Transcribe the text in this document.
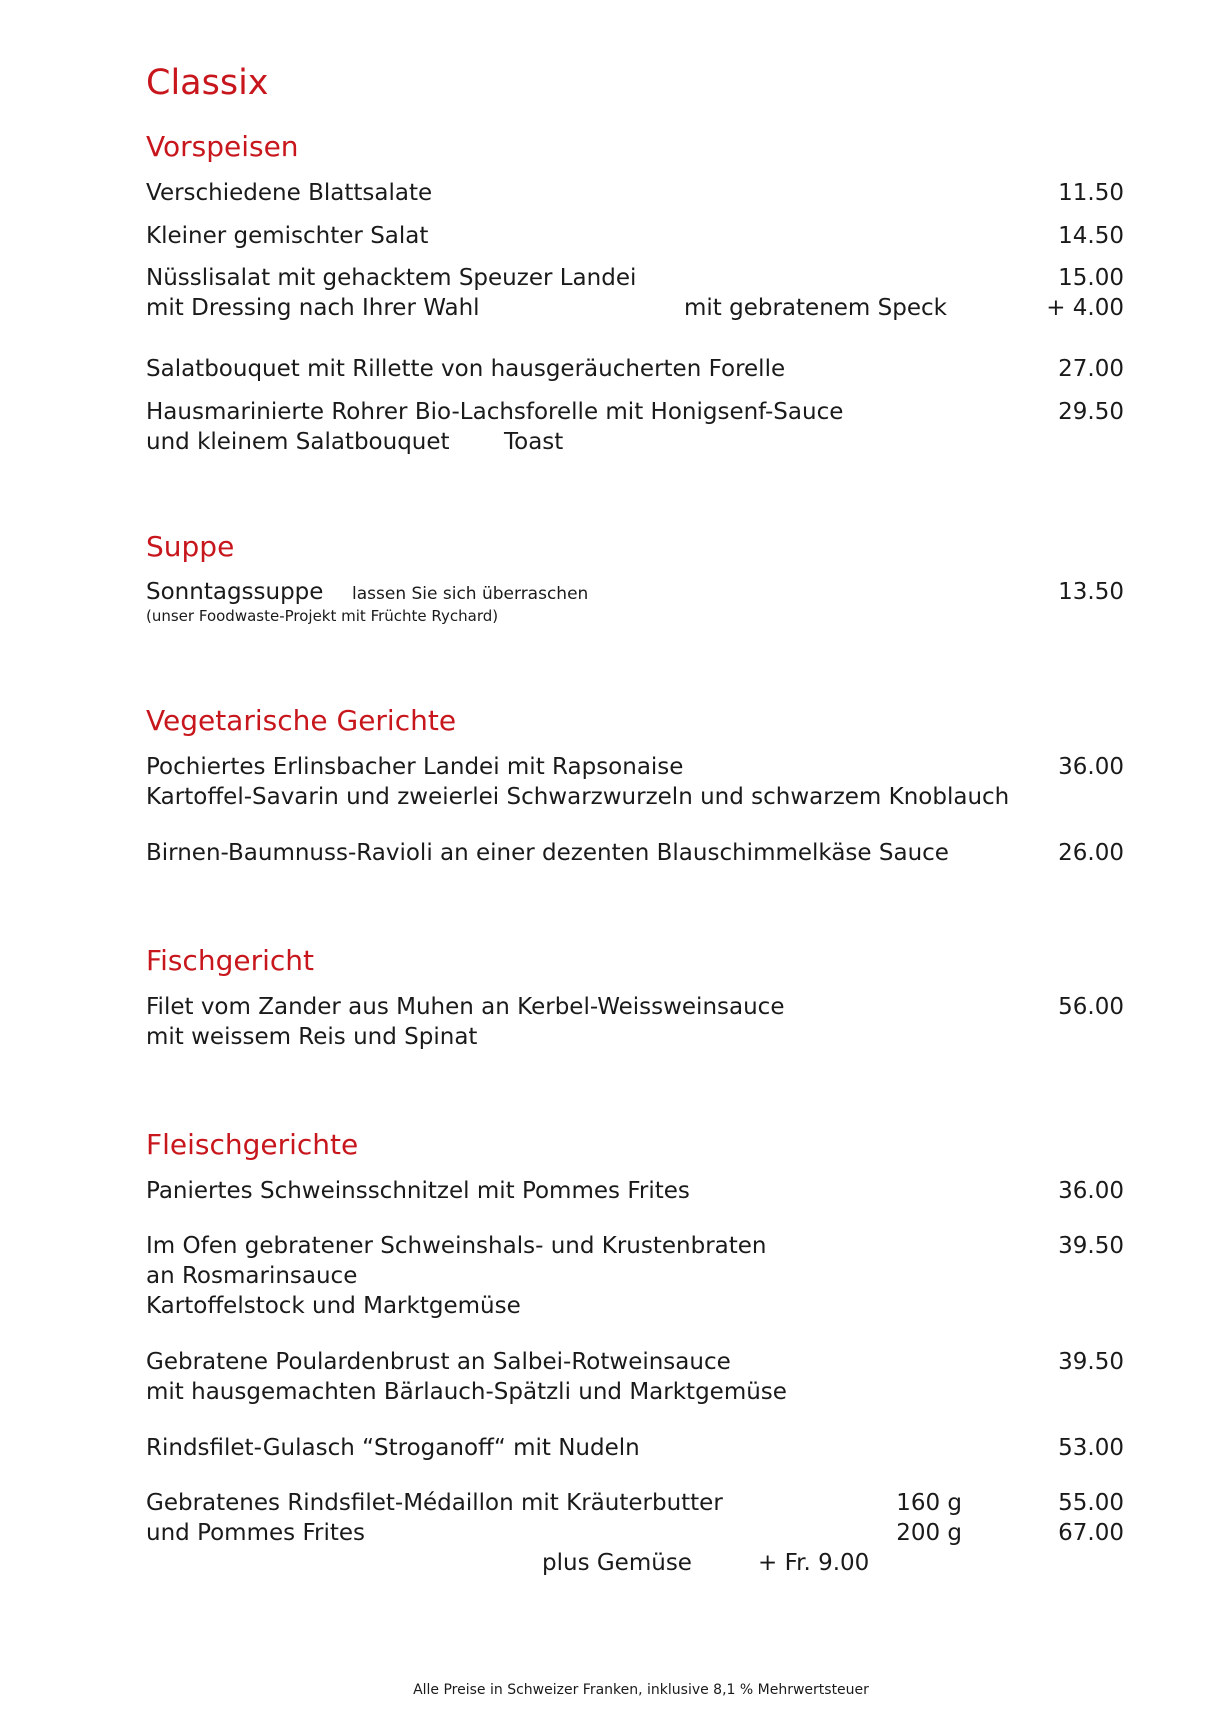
Classix
Vorspeisen
Verschiedene Blattsalate	11.50
Kleiner gemischter Salat	14.50
Nüsslisalat mit gehacktem Speuzer Landei	15.00
mit Dressing nach Ihrer Wahl	mit gebratenem Speck	+ 4.00
Salatbouquet mit Rillette von hausgeräucherten Forelle	27.00
Hausmarinierte Rohrer Bio-Lachsforelle mit Honigsenf-Sauce	29.50
und kleinem Salatbouquet Toast
Suppe
Sonntagssuppe lassen Sie sich überraschen	13.50
(unser Foodwaste-Projekt mit Früchte Rychard)
Vegetarische Gerichte
Pochiertes Erlinsbacher Landei mit Rapsonaise	36.00
Kartoffel-Savarin und zweierlei Schwarzwurzeln und schwarzem Knoblauch
Birnen-Baumnuss-Ravioli an einer dezenten Blauschimmelkäse Sauce	26.00
Fischgericht
Filet vom Zander aus Muhen an Kerbel-Weissweinsauce	56.00
mit weissem Reis und Spinat
Fleischgerichte
Paniertes Schweinsschnitzel mit Pommes Frites	36.00
Im Ofen gebratener Schweinshals- und Krustenbraten	39.50
an Rosmarinsauce
Kartoffelstock und Marktgemüse
Gebratene Poulardenbrust an Salbei-Rotweinsauce	39.50
mit hausgemachten Bärlauch-Spätzli und Marktgemüse
Rindsfilet-Gulasch “Stroganoff“ mit Nudeln	53.00
Gebratenes Rindsfilet-Médaillon mit Kräuterbutter	160 g	55.00
und Pommes Frites	200 g	67.00
plus Gemüse	+ Fr. 9.00
Alle Preise in Schweizer Franken, inklusive 8,1 % Mehrwertsteuer
